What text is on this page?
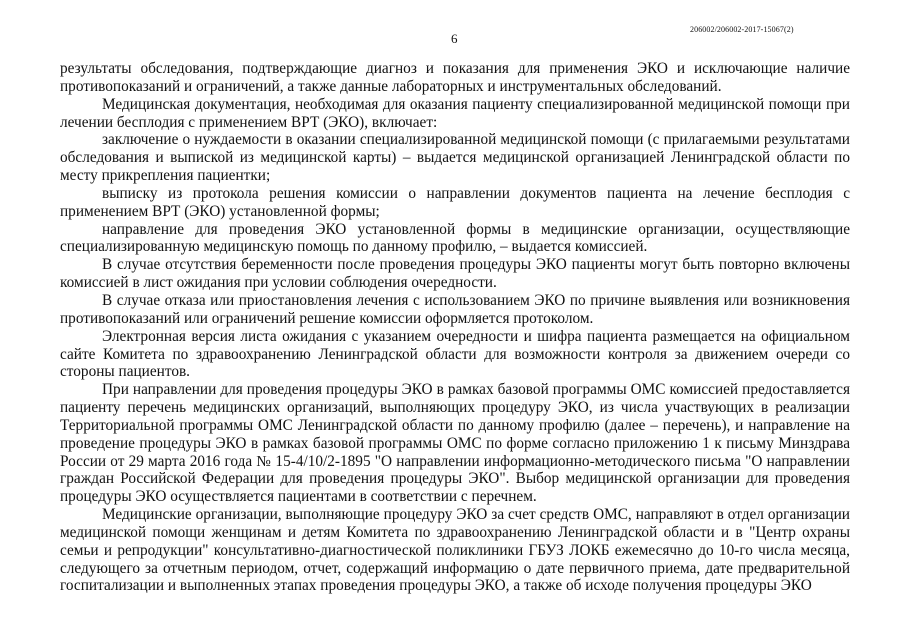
206002/206002-2017-15067(2)
6

результаты обследования, подтверждающие диагноз и показания для применения ЭКО и исключающие наличие противопоказаний и ограничений, а также данные лабораторных и инструментальных обследований.

Медицинская документация, необходимая для оказания пациенту специализированной медицинской помощи при лечении бесплодия с применением ВРТ (ЭКО), включает:

заключение о нуждаемости в оказании специализированной медицинской помощи (с прилагаемыми результатами обследования и выпиской из медицинской карты) – выдается медицинской организацией Ленинградской области по месту прикрепления пациентки;

выписку из протокола решения комиссии о направлении документов пациента на лечение бесплодия с применением ВРТ (ЭКО) установленной формы;

направление для проведения ЭКО установленной формы в медицинские организации, осуществляющие специализированную медицинскую помощь по данному профилю, – выдается комиссией.

В случае отсутствия беременности после проведения процедуры ЭКО пациенты могут быть повторно включены комиссией в лист ожидания при условии соблюдения очередности.

В случае отказа или приостановления лечения с использованием ЭКО по причине выявления или возникновения противопоказаний или ограничений решение комиссии оформляется протоколом.

Электронная версия листа ожидания с указанием очередности и шифра пациента размещается на официальном сайте Комитета по здравоохранению Ленинградской области для возможности контроля за движением очереди со стороны пациентов.

При направлении для проведения процедуры ЭКО в рамках базовой программы ОМС комиссией предоставляется пациенту перечень медицинских организаций, выполняющих процедуру ЭКО, из числа участвующих в реализации Территориальной программы ОМС Ленинградской области по данному профилю (далее – перечень), и направление на проведение процедуры ЭКО в рамках базовой программы ОМС по форме согласно приложению 1 к письму Минздрава России от 29 марта 2016 года № 15-4/10/2-1895 "О направлении информационно-методического письма "О направлении граждан Российской Федерации для проведения процедуры ЭКО". Выбор медицинской организации для проведения процедуры ЭКО осуществляется пациентами в соответствии с перечнем.

Медицинские организации, выполняющие процедуру ЭКО за счет средств ОМС, направляют в отдел организации медицинской помощи женщинам и детям Комитета по здравоохранению Ленинградской области и в "Центр охраны семьи и репродукции" консультативно-диагностической поликлиники ГБУЗ ЛОКБ ежемесячно до 10-го числа месяца, следующего за отчетным периодом, отчет, содержащий информацию о дате первичного приема, дате предварительной госпитализации и выполненных этапах проведения процедуры ЭКО, а также об исходе получения процедуры ЭКО
